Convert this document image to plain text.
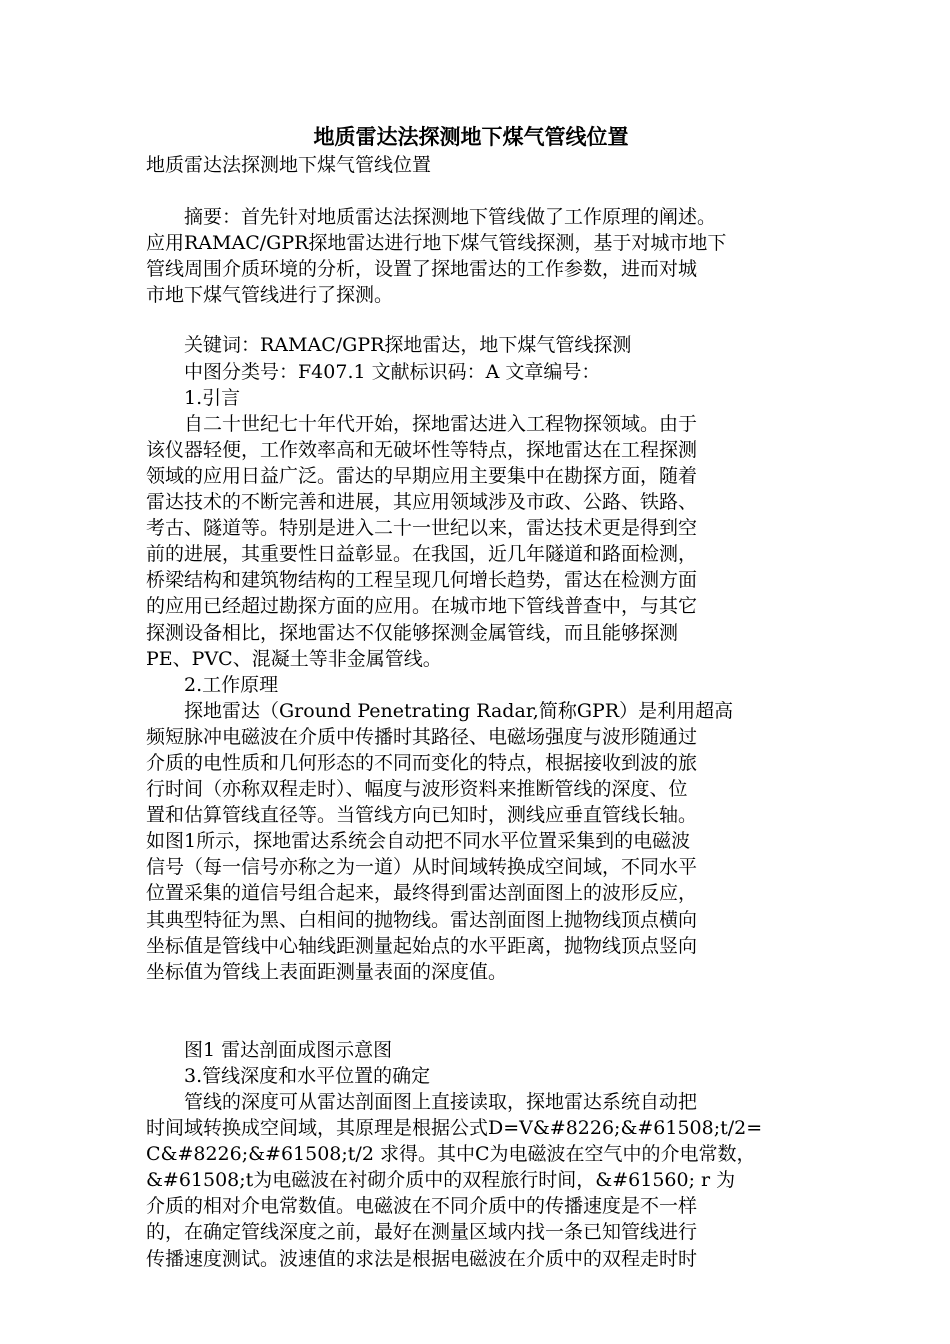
地质雷达法探测地下煤气管线位置
地质雷达法探测地下煤气管线位置
　　摘要：首先针对地质雷达法探测地下管线做了工作原理的阐述。
应用RAMAC/GPR探地雷达进行地下煤气管线探测，基于对城市地下
管线周围介质环境的分析，设置了探地雷达的工作参数，进而对城
市地下煤气管线进行了探测。
　　关键词：RAMAC/GPR探地雷达，地下煤气管线探测
　　中图分类号：F407.1 文献标识码：A 文章编号：
　　1.引言
　　自二十世纪七十年代开始，探地雷达进入工程物探领域。由于
该仪器轻便，工作效率高和无破坏性等特点，探地雷达在工程探测
领域的应用日益广泛。雷达的早期应用主要集中在勘探方面，随着
雷达技术的不断完善和进展，其应用领域涉及市政、公路、铁路、
考古、隧道等。特别是进入二十一世纪以来，雷达技术更是得到空
前的进展，其重要性日益彰显。在我国，近几年隧道和路面检测，
桥梁结构和建筑物结构的工程呈现几何增长趋势，雷达在检测方面
的应用已经超过勘探方面的应用。在城市地下管线普查中，与其它
探测设备相比，探地雷达不仅能够探测金属管线，而且能够探测
PE、PVC、混凝土等非金属管线。
　　2.工作原理
　　探地雷达（Ground Penetrating Radar,简称GPR）是利用超高
频短脉冲电磁波在介质中传播时其路径、电磁场强度与波形随通过
介质的电性质和几何形态的不同而变化的特点，根据接收到波的旅
行时间（亦称双程走时）、幅度与波形资料来推断管线的深度、位
置和估算管线直径等。当管线方向已知时，测线应垂直管线长轴。
如图1所示，探地雷达系统会自动把不同水平位置采集到的电磁波
信号（每一信号亦称之为一道）从时间域转换成空间域，不同水平
位置采集的道信号组合起来，最终得到雷达剖面图上的波形反应，
其典型特征为黑、白相间的抛物线。雷达剖面图上抛物线顶点横向
坐标值是管线中心轴线距测量起始点的水平距离，抛物线顶点竖向
坐标值为管线上表面距测量表面的深度值。
　　图1 雷达剖面成图示意图
　　3.管线深度和水平位置的确定
　　管线的深度可从雷达剖面图上直接读取，探地雷达系统自动把
时间域转换成空间域，其原理是根据公式D=V&#8226;&#61508;t/2=
C&#8226;&#61508;t/2 求得。其中C为电磁波在空气中的介电常数，
&#61508;t为电磁波在衬砌介质中的双程旅行时间，&#61560; r 为
介质的相对介电常数值。电磁波在不同介质中的传播速度是不一样
的，在确定管线深度之前，最好在测量区域内找一条已知管线进行
传播速度测试。波速值的求法是根据电磁波在介质中的双程走时时
